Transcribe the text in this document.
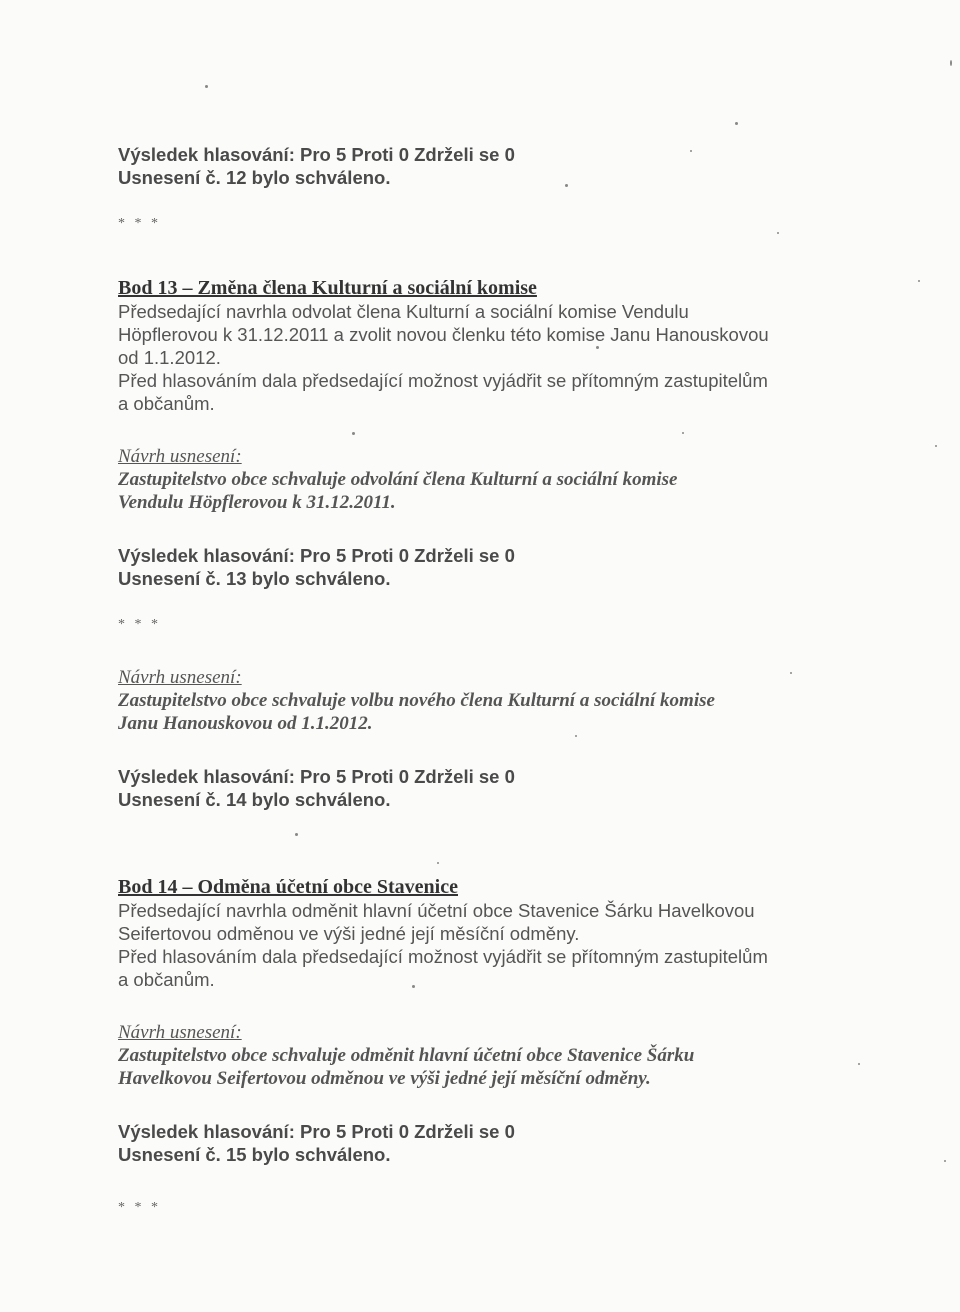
Výsledek hlasování: Pro 5 Proti 0 Zdrželi se 0
Usnesení č. 12 bylo schváleno.
* * *
Bod 13 – Změna člena Kulturní a sociální komise
Předsedající navrhla odvolat člena Kulturní a sociální komise Vendulu
Höpflerovou k 31.12.2011 a zvolit novou členku této komise Janu Hanouskovou
od 1.1.2012.
Před hlasováním dala předsedající možnost vyjádřit se přítomným zastupitelům
a občanům.
Návrh usnesení:
Zastupitelstvo obce schvaluje odvolání člena Kulturní a sociální komise
Vendulu Höpflerovou k 31.12.2011.
Výsledek hlasování: Pro 5 Proti 0 Zdrželi se 0
Usnesení č. 13 bylo schváleno.
* * *
Návrh usnesení:
Zastupitelstvo obce schvaluje volbu nového člena Kulturní a sociální komise
Janu Hanouskovou od 1.1.2012.
Výsledek hlasování: Pro 5 Proti 0 Zdrželi se 0
Usnesení č. 14 bylo schváleno.
Bod 14 – Odměna účetní obce Stavenice
Předsedající navrhla odměnit hlavní účetní obce Stavenice Šárku Havelkovou
Seifertovou odměnou ve výši jedné její měsíční odměny.
Před hlasováním dala předsedající možnost vyjádřit se přítomným zastupitelům
a občanům.
Návrh usnesení:
Zastupitelstvo obce schvaluje odměnit hlavní účetní obce Stavenice Šárku
Havelkovou Seifertovou odměnou ve výši jedné její měsíční odměny.
Výsledek hlasování: Pro 5 Proti 0 Zdrželi se 0
Usnesení č. 15 bylo schváleno.
* * *
